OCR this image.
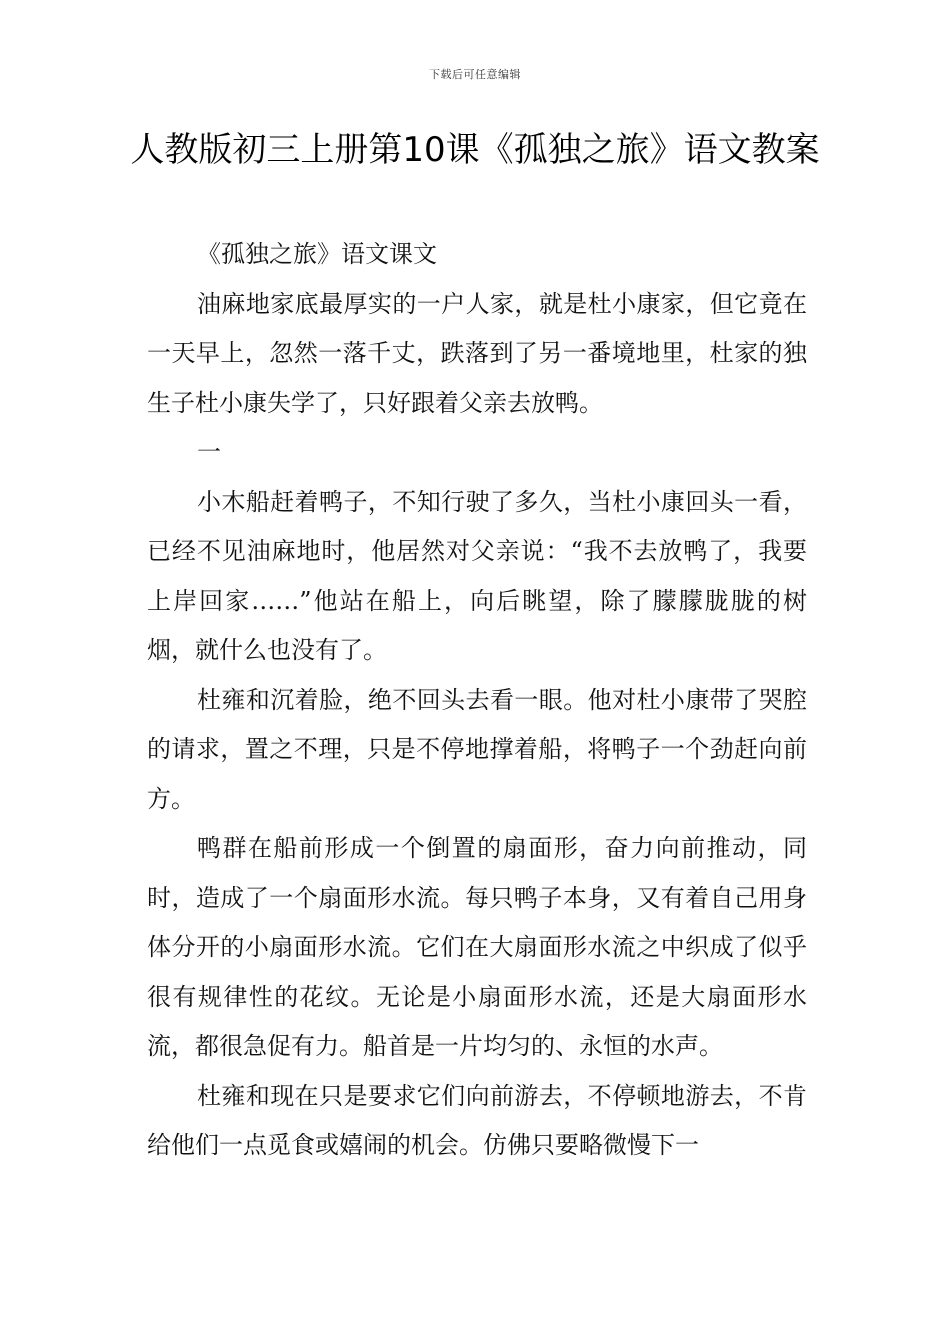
下载后可任意编辑
人教版初三上册第10课《孤独之旅》语文教案

《孤独之旅》语文课文

油麻地家底最厚实的一户人家，就是杜小康家，但它竟在一天早上，忽然一落千丈，跌落到了另一番境地里，杜家的独生子杜小康失学了，只好跟着父亲去放鸭。

一

小木船赶着鸭子，不知行驶了多久，当杜小康回头一看，已经不见油麻地时，他居然对父亲说：“我不去放鸭了，我要上岸回家……”他站在船上，向后眺望，除了朦朦胧胧的树烟，就什么也没有了。

杜雍和沉着脸，绝不回头去看一眼。他对杜小康带了哭腔的请求，置之不理，只是不停地撑着船，将鸭子一个劲赶向前方。

鸭群在船前形成一个倒置的扇面形，奋力向前推动，同时，造成了一个扇面形水流。每只鸭子本身，又有着自己用身体分开的小扇面形水流。它们在大扇面形水流之中织成了似乎很有规律性的花纹。无论是小扇面形水流，还是大扇面形水流，都很急促有力。船首是一片均匀的、永恒的水声。

杜雍和现在只是要求它们向前游去，不停顿地游去，不肯给他们一点觅食或嬉闹的机会。仿佛只要略微慢下一
